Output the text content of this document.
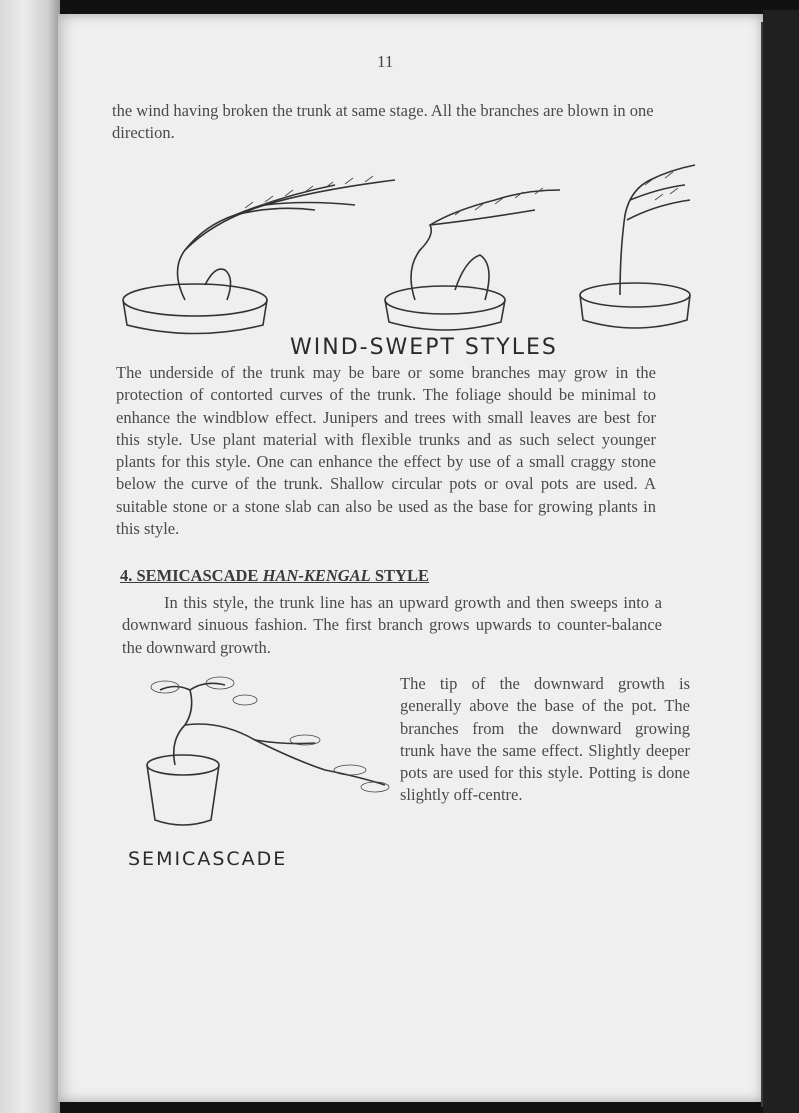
11
the wind having broken the trunk at same stage. All the branches are blown in one direction.
WIND-SWEPT STYLES
The underside of the trunk may be bare or some branches may grow in the protection of contorted curves of the trunk. The foliage should be minimal to enhance the windblow effect. Junipers and trees with small leaves are best for this style. Use plant material with flexible trunks and as such select younger plants for this style. One can enhance the effect by use of a small craggy stone below the curve of the trunk. Shallow circular pots or oval pots are used. A suitable stone or a stone slab can also be used as the base for growing plants in this style.
4. SEMICASCADE HAN-KENGAL STYLE
In this style, the trunk line has an upward growth and then sweeps into a downward sinuous fashion. The first branch grows upwards to counter-balance the downward growth.
The tip of the downward growth is generally above the base of the pot. The branches from the downward growing trunk have the same effect. Slightly deeper pots are used for this style. Potting is done slightly off-centre.
SEMICASCADE
